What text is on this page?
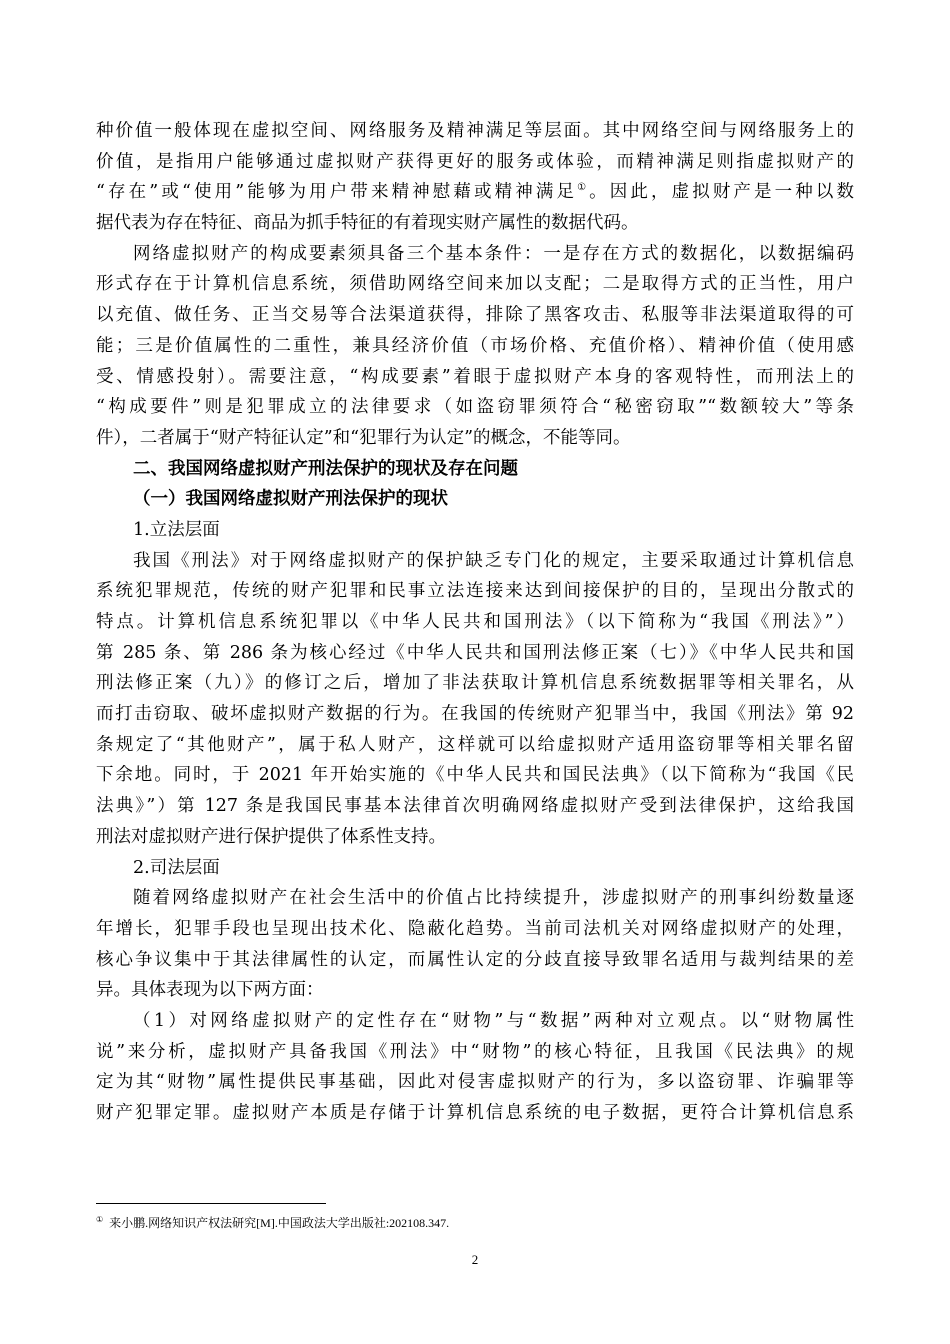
种价值一般体现在虚拟空间、网络服务及精神满足等层面。其中网络空间与网络服务上的
价值，是指用户能够通过虚拟财产获得更好的服务或体验，而精神满足则指虚拟财产的
“存在”或“使用”能够为用户带来精神慰藉或精神满足①。因此，虚拟财产是一种以数
据代表为存在特征、商品为抓手特征的有着现实财产属性的数据代码。
网络虚拟财产的构成要素须具备三个基本条件：一是存在方式的数据化，以数据编码
形式存在于计算机信息系统，须借助网络空间来加以支配；二是取得方式的正当性，用户
以充值、做任务、正当交易等合法渠道获得，排除了黑客攻击、私服等非法渠道取得的可
能；三是价值属性的二重性，兼具经济价值（市场价格、充值价格）、精神价值（使用感
受、情感投射）。需要注意，“构成要素”着眼于虚拟财产本身的客观特性，而刑法上的
“构成要件”则是犯罪成立的法律要求（如盗窃罪须符合“秘密窃取”“数额较大”等条
件），二者属于“财产特征认定”和“犯罪行为认定”的概念，不能等同。
二、我国网络虚拟财产刑法保护的现状及存在问题
（一）我国网络虚拟财产刑法保护的现状
1.立法层面
我国《刑法》对于网络虚拟财产的保护缺乏专门化的规定，主要采取通过计算机信息
系统犯罪规范，传统的财产犯罪和民事立法连接来达到间接保护的目的，呈现出分散式的
特点。计算机信息系统犯罪以《中华人民共和国刑法》（以下简称为“我国《刑法》”）
第 285 条、第 286 条为核心经过《中华人民共和国刑法修正案（七）》《中华人民共和国
刑法修正案（九）》的修订之后，增加了非法获取计算机信息系统数据罪等相关罪名，从
而打击窃取、破坏虚拟财产数据的行为。在我国的传统财产犯罪当中，我国《刑法》第 92
条规定了“其他财产”，属于私人财产，这样就可以给虚拟财产适用盗窃罪等相关罪名留
下余地。同时，于 2021 年开始实施的《中华人民共和国民法典》（以下简称为“我国《民
法典》”）第 127 条是我国民事基本法律首次明确网络虚拟财产受到法律保护，这给我国
刑法对虚拟财产进行保护提供了体系性支持。
2.司法层面
随着网络虚拟财产在社会生活中的价值占比持续提升，涉虚拟财产的刑事纠纷数量逐
年增长，犯罪手段也呈现出技术化、隐蔽化趋势。当前司法机关对网络虚拟财产的处理，
核心争议集中于其法律属性的认定，而属性认定的分歧直接导致罪名适用与裁判结果的差
异。具体表现为以下两方面：
（1）对网络虚拟财产的定性存在“财物”与“数据”两种对立观点。以“财物属性
说”来分析，虚拟财产具备我国《刑法》中“财物”的核心特征，且我国《民法典》的规
定为其“财物”属性提供民事基础，因此对侵害虚拟财产的行为，多以盗窃罪、诈骗罪等
财产犯罪定罪。虚拟财产本质是存储于计算机信息系统的电子数据，更符合计算机信息系
① 来小鹏.网络知识产权法研究[M].中国政法大学出版社:202108.347.
2
